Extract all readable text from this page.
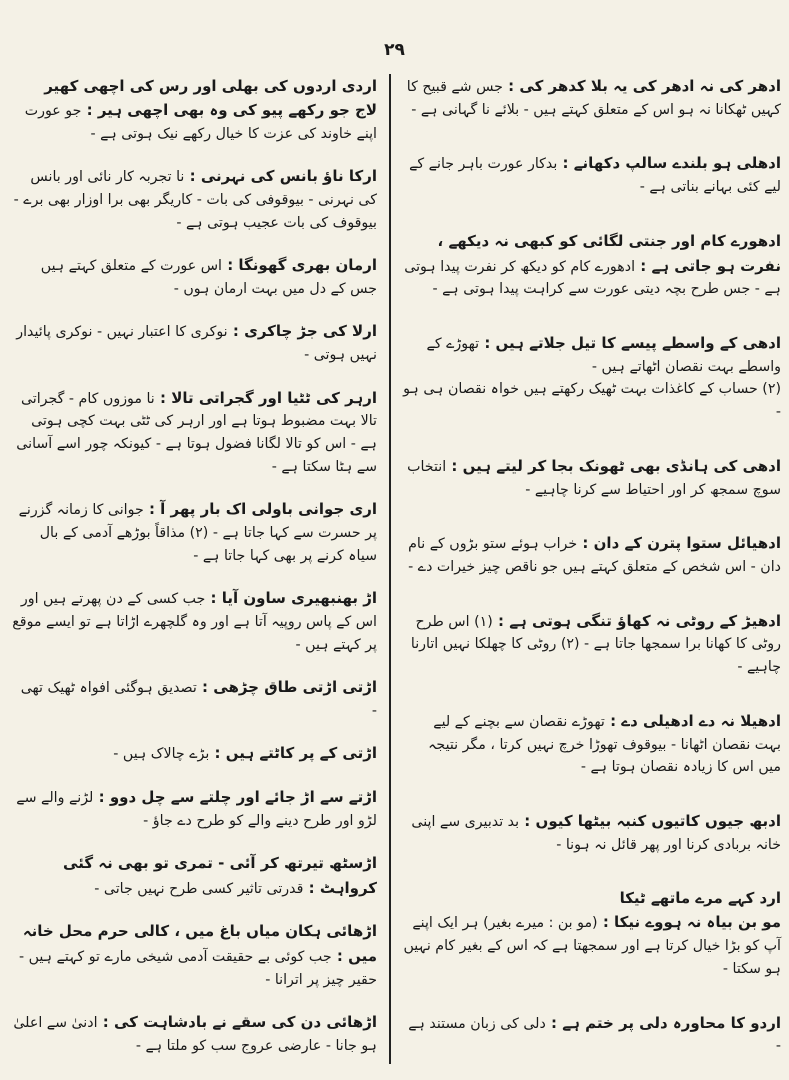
۲۹

ادھر کی نہ ادھر کی یہ بلا کدھر کی : جس شے قبیح کا کہیں ٹھکانا نہ ہو اس کے متعلق کہتے ہیں - بلائے نا گہانی ہے -

ادھلی ہو بلندے سالپ دکھانے : بدکار عورت باہر جانے کے لیے کئی بہانے بناتی ہے -

ادھورے کام اور جنتی لگائی کو کبھی نہ دیکھے ، نفرت ہو جاتی ہے : ادھورے کام کو دیکھ کر نفرت پیدا ہوتی ہے - جس طرح بچہ دیتی عورت سے کراہت پیدا ہوتی ہے -

ادھی کے واسطے پیسے کا تیل جلاتے ہیں : تھوڑے کے واسطے بہت نقصان اٹھاتے ہیں -
(۲) حساب کے کاغذات بہت ٹھیک رکھتے ہیں خواہ نقصان ہی ہو -

ادھی کی ہانڈی بھی ٹھونک بجا کر لیتے ہیں : انتخاب سوچ سمجھ کر اور احتیاط سے کرنا چاہیے -

ادھیائل ستوا پترن کے دان : خراب ہوئے ستو بڑوں کے نام دان - اس شخص کے متعلق کہتے ہیں جو ناقص چیز خیرات دے -

ادھیڑ کے روٹی نہ کھاؤ تنگی ہوتی ہے : (۱) اس طرح روٹی کا کھانا برا سمجھا جاتا ہے - (۲) روٹی کا چھلکا نہیں اتارنا چاہیے -

ادھیلا نہ دے ادھیلی دے : تھوڑے نقصان سے بچنے کے لیے بہت نقصان اٹھانا - بیوقوف تھوڑا خرچ نہیں کرتا ، مگر نتیجہ میں اس کا زیادہ نقصان ہوتا ہے -

ادبھ جیوں کاتیوں کنبہ بیٹھا کیوں : بد تدبیری سے اپنی خانہ بربادی کرنا اور پھر قائل نہ ہونا -

ارد کہے مرے ماتھے ٹیکا
مو بن بیاہ نہ ہووے نیکا : (مو بن : میرے بغیر) ہر ایک اپنے آپ کو بڑا خیال کرتا ہے اور سمجھتا ہے کہ اس کے بغیر کام نہیں ہو سکتا -

اردو کا محاورہ دلی پر ختم ہے : دلی کی زبان مستند ہے -

اردی اردوں کی بھلی اور رس کی اچھی کھیر
لاج جو رکھے پیو کی وہ بھی اچھی ہیر : جو عورت اپنے خاوند کی عزت کا خیال رکھے نیک ہوتی ہے -

ارکا ناؤ بانس کی نہرنی : نا تجربہ کار نائی اور بانس کی نہرنی - بیوقوفی کی بات - کاریگر بھی برا اوزار بھی برے - بیوقوف کی بات عجیب ہوتی ہے -

ارمان بھری گھونگا : اس عورت کے متعلق کہتے ہیں جس کے دل میں بہت ارمان ہوں -

ارلا کی جڑ چاکری : نوکری کا اعتبار نہیں - نوکری پائیدار نہیں ہوتی -

ارہر کی ٹٹیا اور گجراتی تالا : نا موزوں کام - گجراتی تالا بہت مضبوط ہوتا ہے اور ارہر کی ٹٹی بہت کچی ہوتی ہے - اس کو تالا لگانا فضول ہوتا ہے - کیونکہ چور اسے آسانی سے ہٹا سکتا ہے -

اری جوانی باولی اک بار پھر آ : جوانی کا زمانہ گزرنے پر حسرت سے کہا جاتا ہے - (۲) مذاقاً بوڑھے آدمی کے بال سیاہ کرنے پر بھی کہا جاتا ہے -

اڑ بھنبھیری ساون آیا : جب کسی کے دن پھرتے ہیں اور اس کے پاس روپیہ آتا ہے اور وہ گلچھرے اڑاتا ہے تو ایسے موقع پر کہتے ہیں -

اڑتی اڑتی طاق چڑھی : تصدیق ہوگئی افواہ ٹھیک تھی -

اڑتی کے پر کاٹتے ہیں : بڑے چالاک ہیں -

اڑتے سے اڑ جائے اور چلتے سے چل دوو : لڑنے والے سے لڑو اور طرح دینے والے کو طرح دے جاؤ -

اڑسٹھ تیرتھ کر آئی - تمری تو بھی نہ گئی کرواہٹ : قدرتی تاثیر کسی طرح نہیں جاتی -

اڑھائی ہکان میاں باغ میں ، کالی حرم محل خانہ میں : جب کوئی بے حقیقت آدمی شیخی مارے تو کہتے ہیں - حقیر چیز پر اترانا -

اڑھائی دن کی سقے نے بادشاہت کی : ادنیٰ سے اعلیٰ ہو جانا - عارضی عروج سب کو ملتا ہے -
